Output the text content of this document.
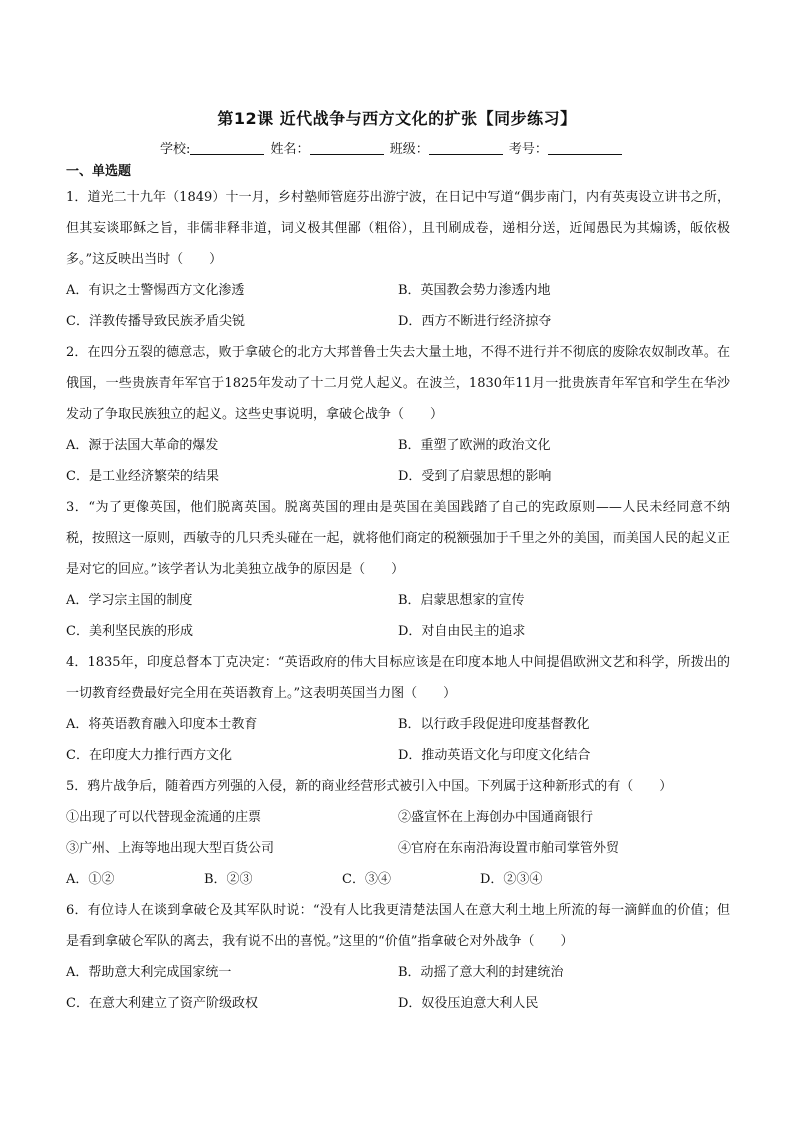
第12课 近代战争与西方文化的扩张【同步练习】
学校:	姓名：	班级：	考号：
一、单选题

1．道光二十九年（1849）十一月，乡村塾师管庭芬出游宁波，在日记中写道“偶步南门，内有英夷设立讲书之所，但其妄谈耶稣之旨，非儒非释非道，词义极其俚鄙（粗俗），且刊刷成卷，递相分送，近闻愚民为其煽诱，皈依极多。”这反映出当时（　　）

A．有识之士警惕西方文化渗透	B．英国教会势力渗透内地
C．洋教传播导致民族矛盾尖锐	D．西方不断进行经济掠夺

2．在四分五裂的德意志，败于拿破仑的北方大邦普鲁士失去大量土地，不得不进行并不彻底的废除农奴制改革。在俄国，一些贵族青年军官于1825年发动了十二月党人起义。在波兰，1830年11月一批贵族青年军官和学生在华沙发动了争取民族独立的起义。这些史事说明，拿破仑战争（　　）

A．源于法国大革命的爆发	B．重塑了欧洲的政治文化
C．是工业经济繁荣的结果	D．受到了启蒙思想的影响

3．“为了更像英国，他们脱离英国。脱离英国的理由是英国在美国践踏了自己的宪政原则——人民未经同意不纳税，按照这一原则，西敏寺的几只秃头碰在一起，就将他们商定的税额强加于千里之外的美国，而美国人民的起义正是对它的回应。”该学者认为北美独立战争的原因是（　　）

A．学习宗主国的制度	B．启蒙思想家的宣传
C．美利坚民族的形成	D．对自由民主的追求

4．1835年，印度总督本丁克决定：“英语政府的伟大目标应该是在印度本地人中间提倡欧洲文艺和科学，所拨出的一切教育经费最好完全用在英语教育上。”这表明英国当力图（　　）

A．将英语教育融入印度本士教育	B．以行政手段促进印度基督教化
C．在印度大力推行西方文化	D．推动英语文化与印度文化结合

5．鸦片战争后，随着西方列强的入侵，新的商业经营形式被引入中国。下列属于这种新形式的有（　　）

①出现了可以代替现金流通的庄票	②盛宣怀在上海创办中国通商银行
③广州、上海等地出现大型百货公司	④官府在东南沿海设置市舶司掌管外贸
A．①②	B．②③	C．③④	D．②③④

6．有位诗人在谈到拿破仑及其军队时说：“没有人比我更清楚法国人在意大利土地上所流的每一滴鲜血的价值；但是看到拿破仑军队的离去，我有说不出的喜悦。”这里的“价值”指拿破仑对外战争（　　）

A．帮助意大利完成国家统一	B．动摇了意大利的封建统治
C．在意大利建立了资产阶级政权	D．奴役压迫意大利人民
